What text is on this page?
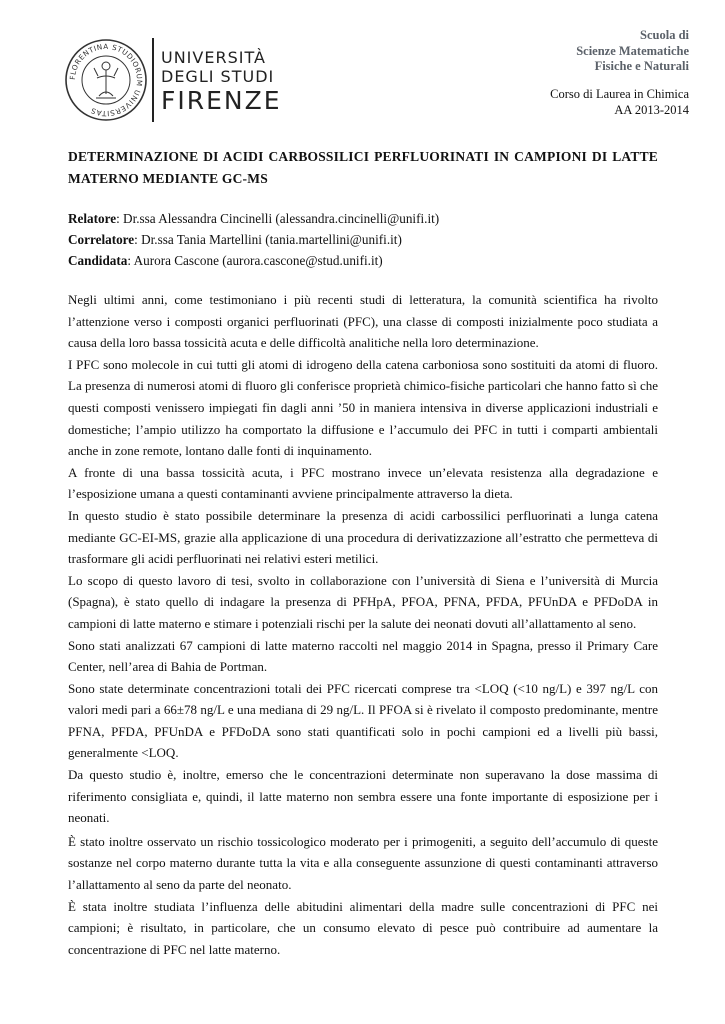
FLORENTINA STUDIORUM UNIVERSITAS
UNIVERSITÀ
DEGLI STUDI
FIRENZE
Scuola di
Scienze Matematiche
Fisiche e Naturali
Corso di Laurea in Chimica
AA 2013-2014
DETERMINAZIONE DI ACIDI CARBOSSILICI PERFLUORINATI IN CAMPIONI DI LATTE MATERNO MEDIANTE GC-MS
Relatore: Dr.ssa Alessandra Cincinelli (alessandra.cincinelli@unifi.it)
Correlatore: Dr.ssa Tania Martellini (tania.martellini@unifi.it)
Candidata: Aurora Cascone (aurora.cascone@stud.unifi.it)

Negli ultimi anni, come testimoniano i più recenti studi di letteratura, la comunità scientifica ha rivolto l’attenzione verso i composti organici perfluorinati (PFC), una classe di composti inizialmente poco studiata a causa della loro bassa tossicità acuta e delle difficoltà analitiche nella loro determinazione.

I PFC sono molecole in cui tutti gli atomi di idrogeno della catena carboniosa sono sostituiti da atomi di fluoro. La presenza di numerosi atomi di fluoro gli conferisce proprietà chimico-fisiche particolari che hanno fatto sì che questi composti venissero impiegati fin dagli anni ’50 in maniera intensiva in diverse applicazioni industriali e domestiche; l’ampio utilizzo ha comportato la diffusione e l’accumulo dei PFC in tutti i comparti ambientali anche in zone remote, lontano dalle fonti di inquinamento.

A fronte di una bassa tossicità acuta, i PFC mostrano invece un’elevata resistenza alla degradazione e l’esposizione umana a questi contaminanti avviene principalmente attraverso la dieta.

In questo studio è stato possibile determinare la presenza di acidi carbossilici perfluorinati a lunga catena mediante GC-EI-MS, grazie alla applicazione di una procedura di derivatizzazione all’estratto che permetteva di trasformare gli acidi perfluorinati nei relativi esteri metilici.

Lo scopo di questo lavoro di tesi, svolto in collaborazione con l’università di Siena e l’università di Murcia (Spagna), è stato quello di indagare la presenza di PFHpA, PFOA, PFNA, PFDA, PFUnDA e PFDoDA in campioni di latte materno e stimare i potenziali rischi per la salute dei neonati dovuti all’allattamento al seno.

Sono stati analizzati 67 campioni di latte materno raccolti nel maggio 2014 in Spagna, presso il Primary Care Center, nell’area di Bahia de Portman.

Sono state determinate concentrazioni totali dei PFC ricercati comprese tra <LOQ (<10 ng/L) e 397 ng/L con valori medi pari a 66±78 ng/L e una mediana di 29 ng/L. Il PFOA si è rivelato il composto predominante, mentre PFNA, PFDA, PFUnDA e PFDoDA sono stati quantificati solo in pochi campioni ed a livelli più bassi, generalmente <LOQ.

Da questo studio è, inoltre, emerso che le concentrazioni determinate non superavano la dose massima di riferimento consigliata e, quindi, il latte materno non sembra essere una fonte importante di esposizione per i neonati.

È stato inoltre osservato un rischio tossicologico moderato per i primogeniti, a seguito dell’accumulo di queste sostanze nel corpo materno durante tutta la vita e alla conseguente assunzione di questi contaminanti attraverso l’allattamento al seno da parte del neonato.

È stata inoltre studiata l’influenza delle abitudini alimentari della madre sulle concentrazioni di PFC nei campioni; è risultato, in particolare, che un consumo elevato di pesce può contribuire ad aumentare la concentrazione di PFC nel latte materno.
